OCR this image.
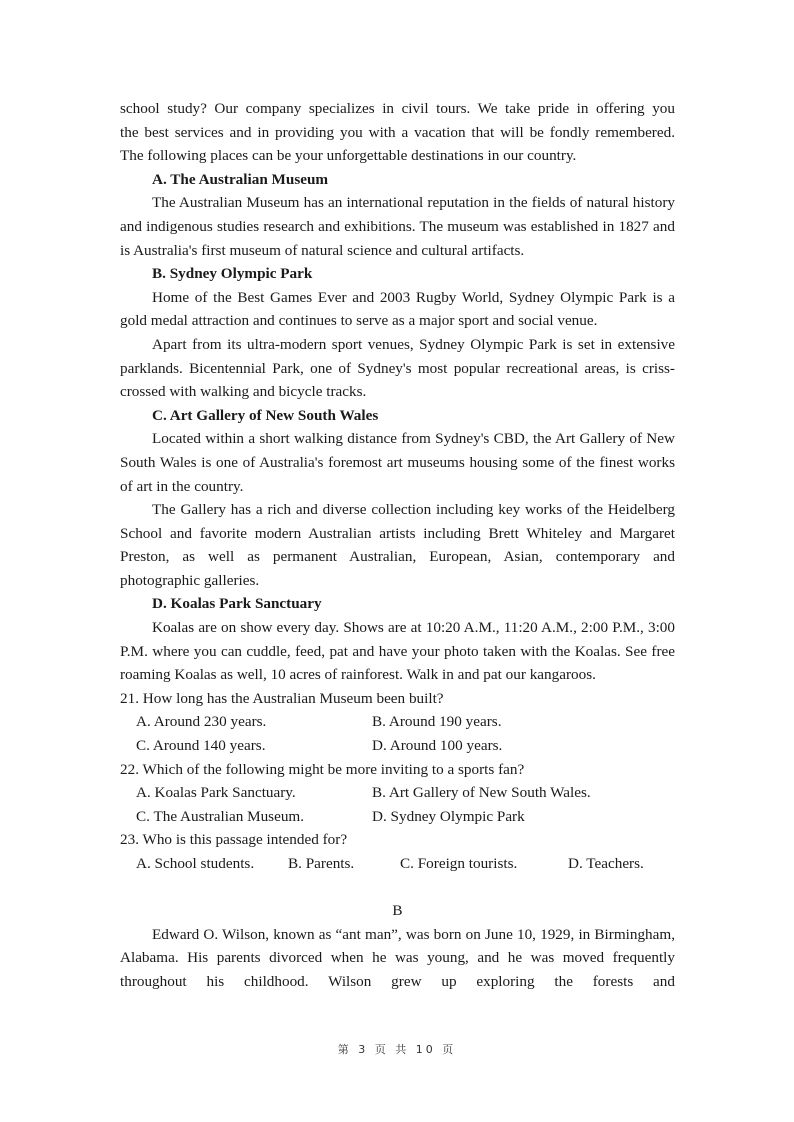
school study? Our company specializes in civil tours. We take pride in offering you

the best services and in providing you with a vacation that will be fondly remembered.

The following places can be your unforgettable destinations in our country.

A. The Australian Museum

The Australian Museum has an international reputation in the fields of natural history and indigenous studies research and exhibitions. The museum was established in 1827 and is Australia's first museum of natural science and cultural artifacts.

B. Sydney Olympic Park

Home of the Best Games Ever and 2003 Rugby World, Sydney Olympic Park is a gold medal attraction and continues to serve as a major sport and social venue.

Apart from its ultra-modern sport venues, Sydney Olympic Park is set in extensive parklands. Bicentennial Park, one of Sydney's most popular recreational areas, is criss-crossed with walking and bicycle tracks.

C. Art Gallery of New South Wales

Located within a short walking distance from Sydney's CBD, the Art Gallery of New South Wales is one of Australia's foremost art museums housing some of the finest works of art in the country.

The Gallery has a rich and diverse collection including key works of the Heidelberg School and favorite modern Australian artists including Brett Whiteley and Margaret Preston, as well as permanent Australian, European, Asian, contemporary and photographic galleries.

D. Koalas Park Sanctuary

Koalas are on show every day. Shows are at 10:20 A.M., 11:20 A.M., 2:00 P.M., 3:00 P.M. where you can cuddle, feed, pat and have your photo taken with the Koalas. See free roaming Koalas as well, 10 acres of rainforest. Walk in and pat our kangaroos.

21. How long has the Australian Museum been built?

A. Around 230 years.	B. Around 190 years.
C. Around 140 years.	D. Around 100 years.

22. Which of the following might be more inviting to a sports fan?

A. Koalas Park Sanctuary.	B. Art Gallery of New South Wales.
C. The Australian Museum.	D. Sydney Olympic Park

23. Who is this passage intended for?

A. School students.	B. Parents.	C. Foreign tourists.	D. Teachers.

B

Edward O. Wilson, known as “ant man”, was born on June 10, 1929, in Birmingham, Alabama. His parents divorced when he was young, and he was moved frequently throughout his childhood. Wilson grew up exploring the forests and

第 3 页 共 10 页
